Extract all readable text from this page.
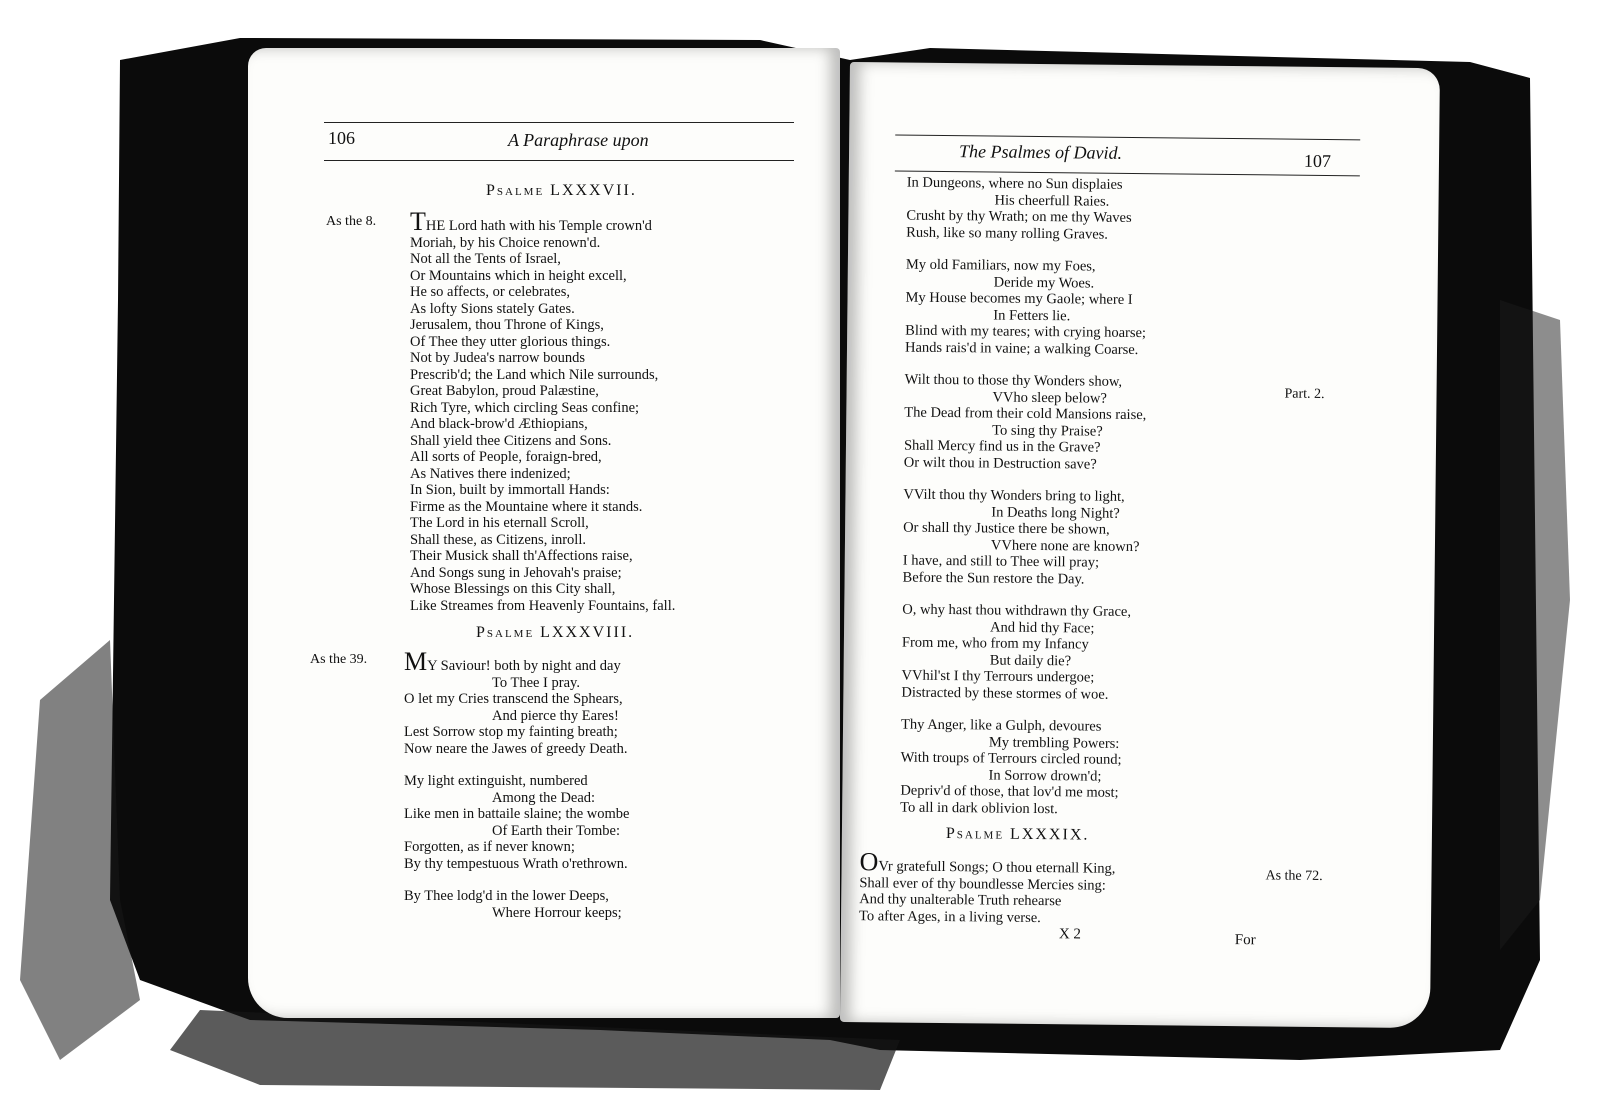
106	A Paraphrase upon
Psalme LXXXVII.
As the 8. THE Lord hath with his Temple crown'd
Moriah, by his Choice renown'd.
Not all the Tents of Israel,
Or Mountains which in height excell,
He so affects, or celebrates,
As lofty Sions stately Gates.
Jerusalem, thou Throne of Kings,
Of Thee they utter glorious things.
Not by Judea's narrow bounds
Prescrib'd; the Land which Nile surrounds,
Great Babylon, proud Palæstine,
Rich Tyre, which circling Seas confine;
And black-brow'd Æthiopians,
Shall yield thee Citizens and Sons.
All sorts of People, foraign-bred,
As Natives there indenized;
In Sion, built by immortall Hands:
Firme as the Mountaine where it stands.
The Lord in his eternall Scroll,
Shall these, as Citizens, inroll.
Their Musick shall th'Affections raise,
And Songs sung in Jehovah's praise;
Whose Blessings on this City shall,
Like Streames from Heavenly Fountains, fall.
Psalme LXXXVIII.
As the 39.	MY Saviour! both by night and day
To Thee I pray.
O let my Cries transcend the Sphears,
And pierce thy Eares!
Lest Sorrow stop my fainting breath;
Now neare the Jawes of greedy Death.
My light extinguisht, numbered
Among the Dead:
Like men in battaile slaine; the wombe
Of Earth their Tombe:
Forgotten, as if never known;
By thy tempestuous Wrath o'rethrown.
By Thee lodg'd in the lower Deeps,
Where Horrour keeps;
The Psalmes of David.	107
In Dungeons, where no Sun displaies
His cheerfull Raies.
Crusht by thy Wrath; on me thy Waves
Rush, like so many rolling Graves.
My old Familiars, now my Foes,
Deride my Woes.
My House becomes my Gaole; where I
In Fetters lie.
Blind with my teares; with crying hoarse;
Hands rais'd in vaine; a walking Coarse.
Wilt thou to those thy Wonders show,
VVho sleep below?
The Dead from their cold Mansions raise,
To sing thy Praise?
Shall Mercy find us in the Grave?
Or wilt thou in Destruction save?
VVilt thou thy Wonders bring to light,
In Deaths long Night?
Or shall thy Justice there be shown,
VVhere none are known?
I have, and still to Thee will pray;
Before the Sun restore the Day.
O, why hast thou withdrawn thy Grace,
And hid thy Face;
From me, who from my Infancy
But daily die?
VVhil'st I thy Terrours undergoe;
Distracted by these stormes of woe.
Thy Anger, like a Gulph, devoures
My trembling Powers:
With troups of Terrours circled round;
In Sorrow drown'd;
Depriv'd of those, that lov'd me most;
To all in dark oblivion lost.
Part. 2.
Psalme LXXXIX.
OVr gratefull Songs; O thou eternall King,
Shall ever of thy boundlesse Mercies sing:
And thy unalterable Truth rehearse
To after Ages, in a living verse.
As the 72.
X 2	For
